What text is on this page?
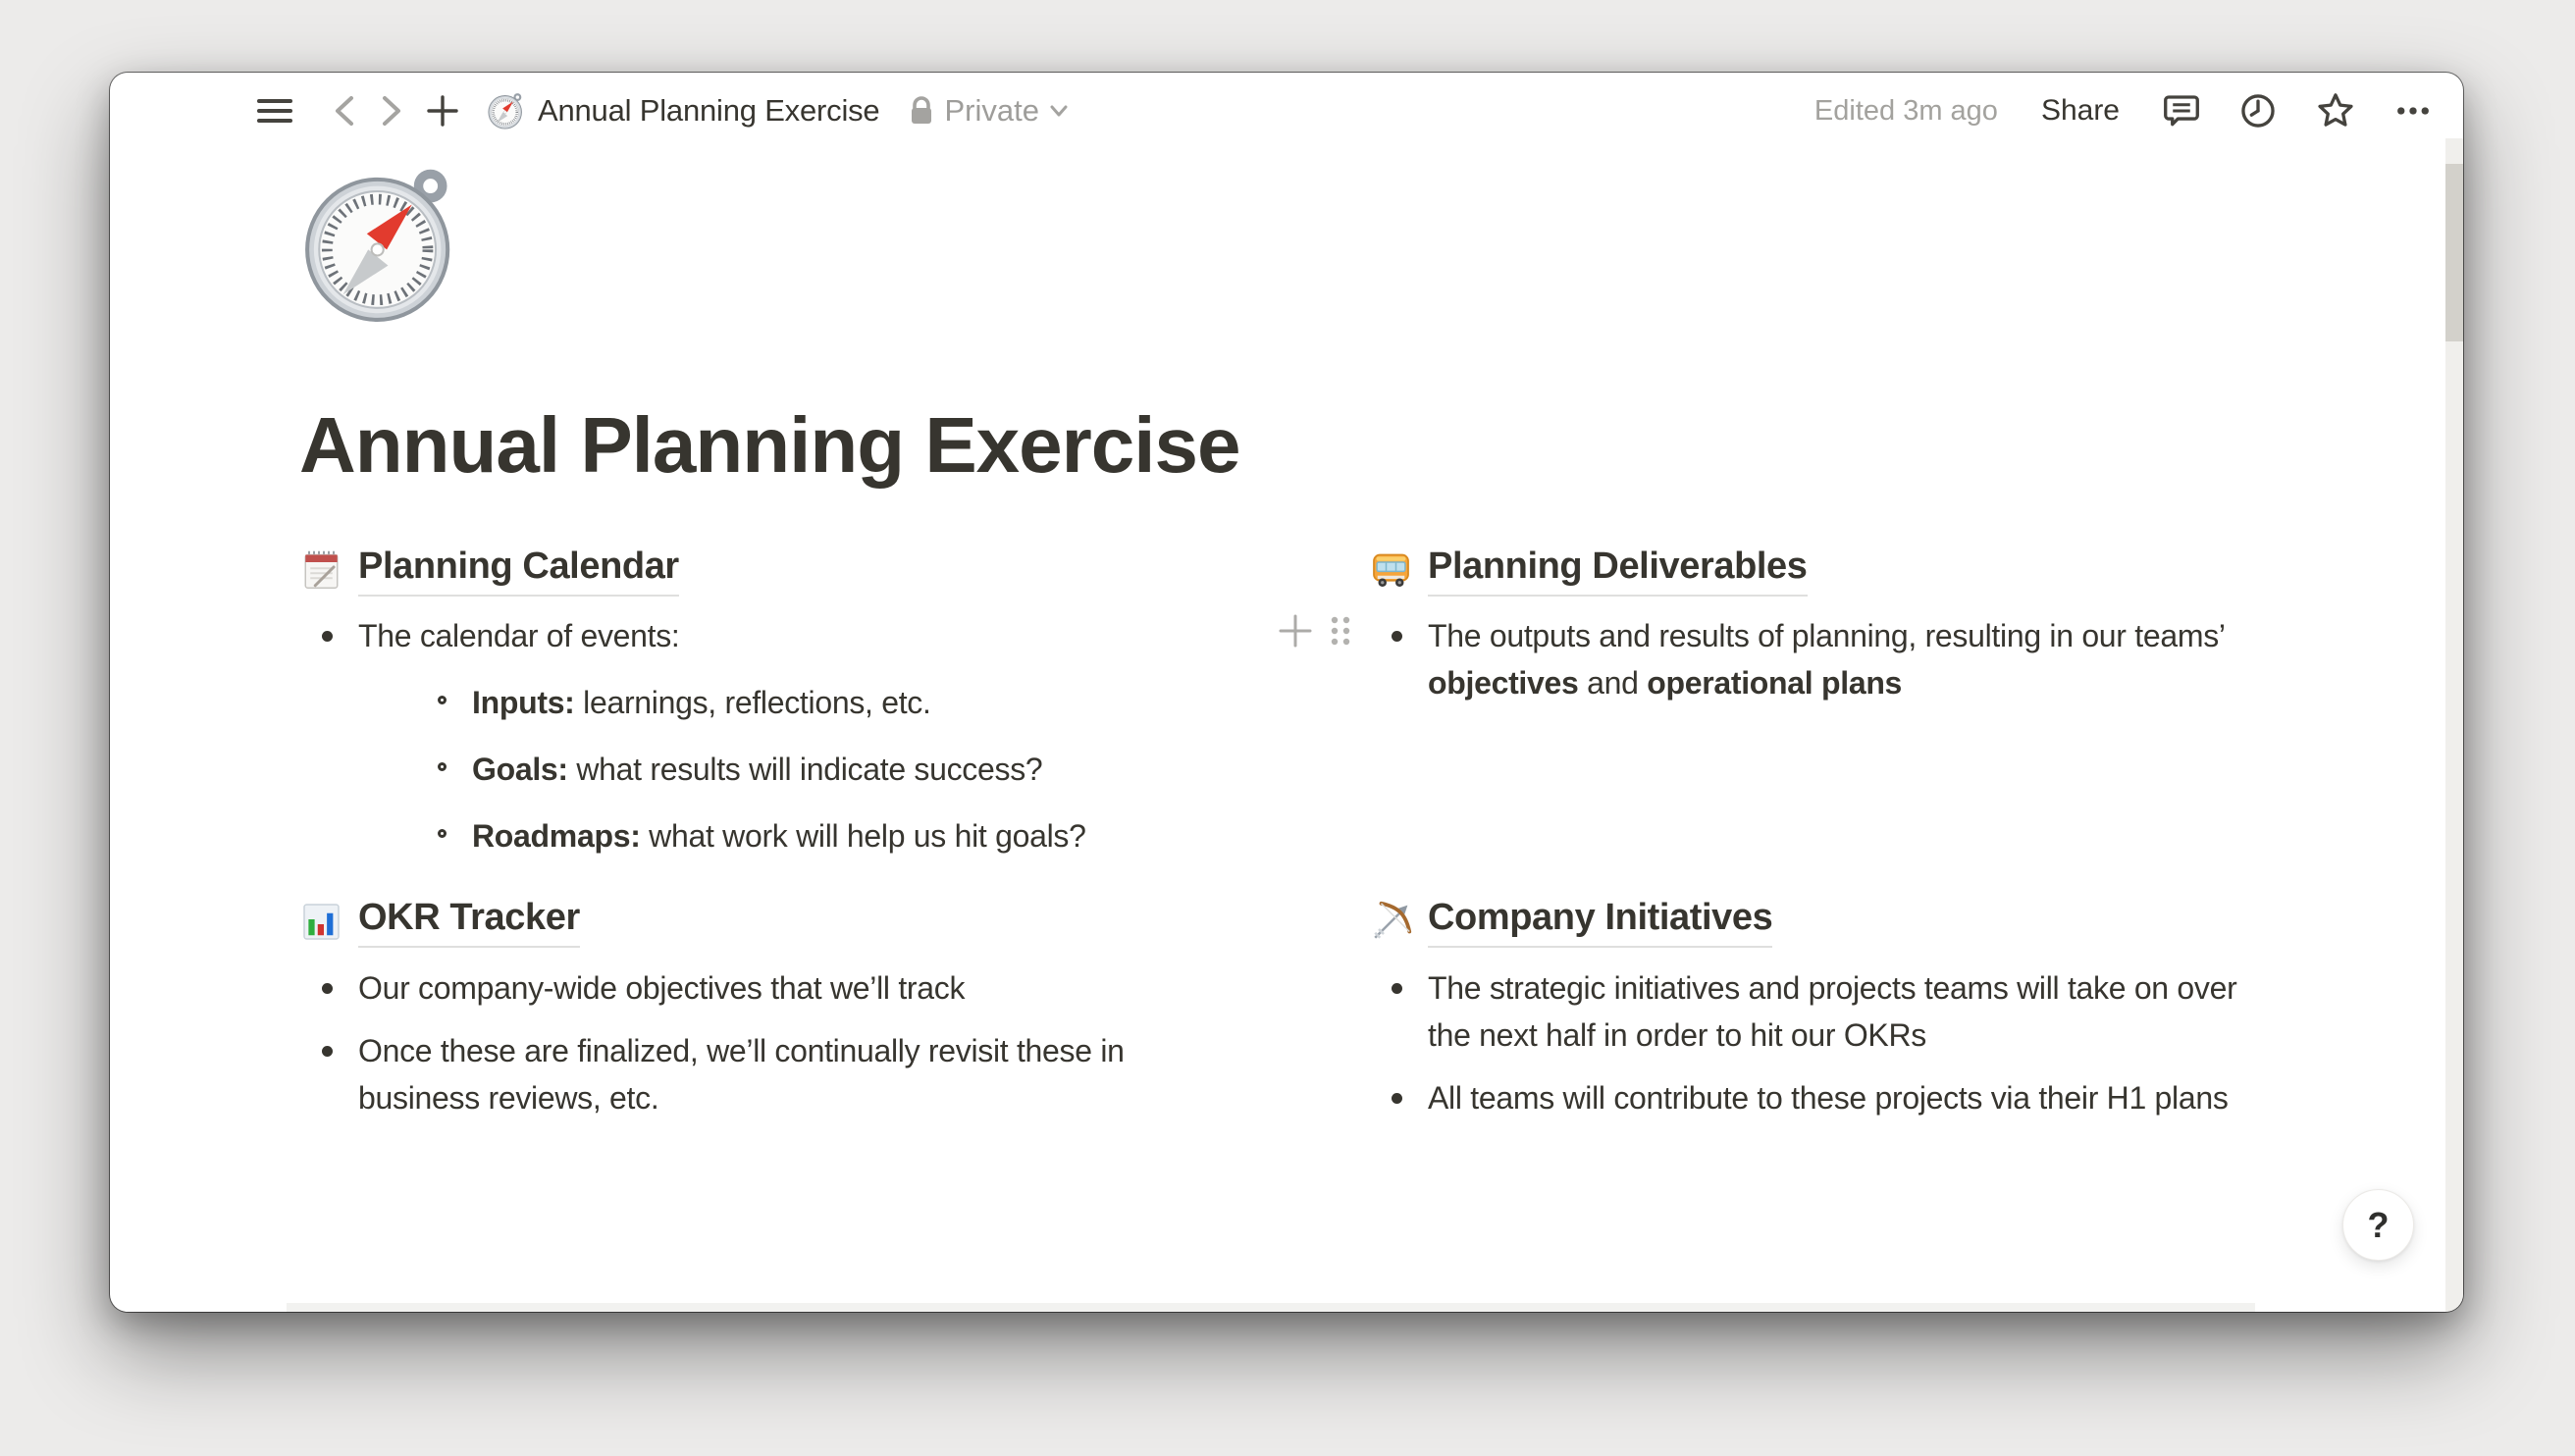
Annual Planning Exercise Private	Edited 3m ago Share
Annual Planning Exercise
Planning Calendar
The calendar of events:
Inputs: learnings, reflections, etc.
Goals: what results will indicate success?
Roadmaps: what work will help us hit goals?
Planning Deliverables
The outputs and results of planning, resulting in our teams’ objectives and operational plans
OKR Tracker
Our company-wide objectives that we’ll track
Once these are finalized, we’ll continually revisit these in business reviews, etc.
Company Initiatives
The strategic initiatives and projects teams will take on over the next half in order to hit our OKRs
All teams will contribute to these projects via their H1 plans
?
